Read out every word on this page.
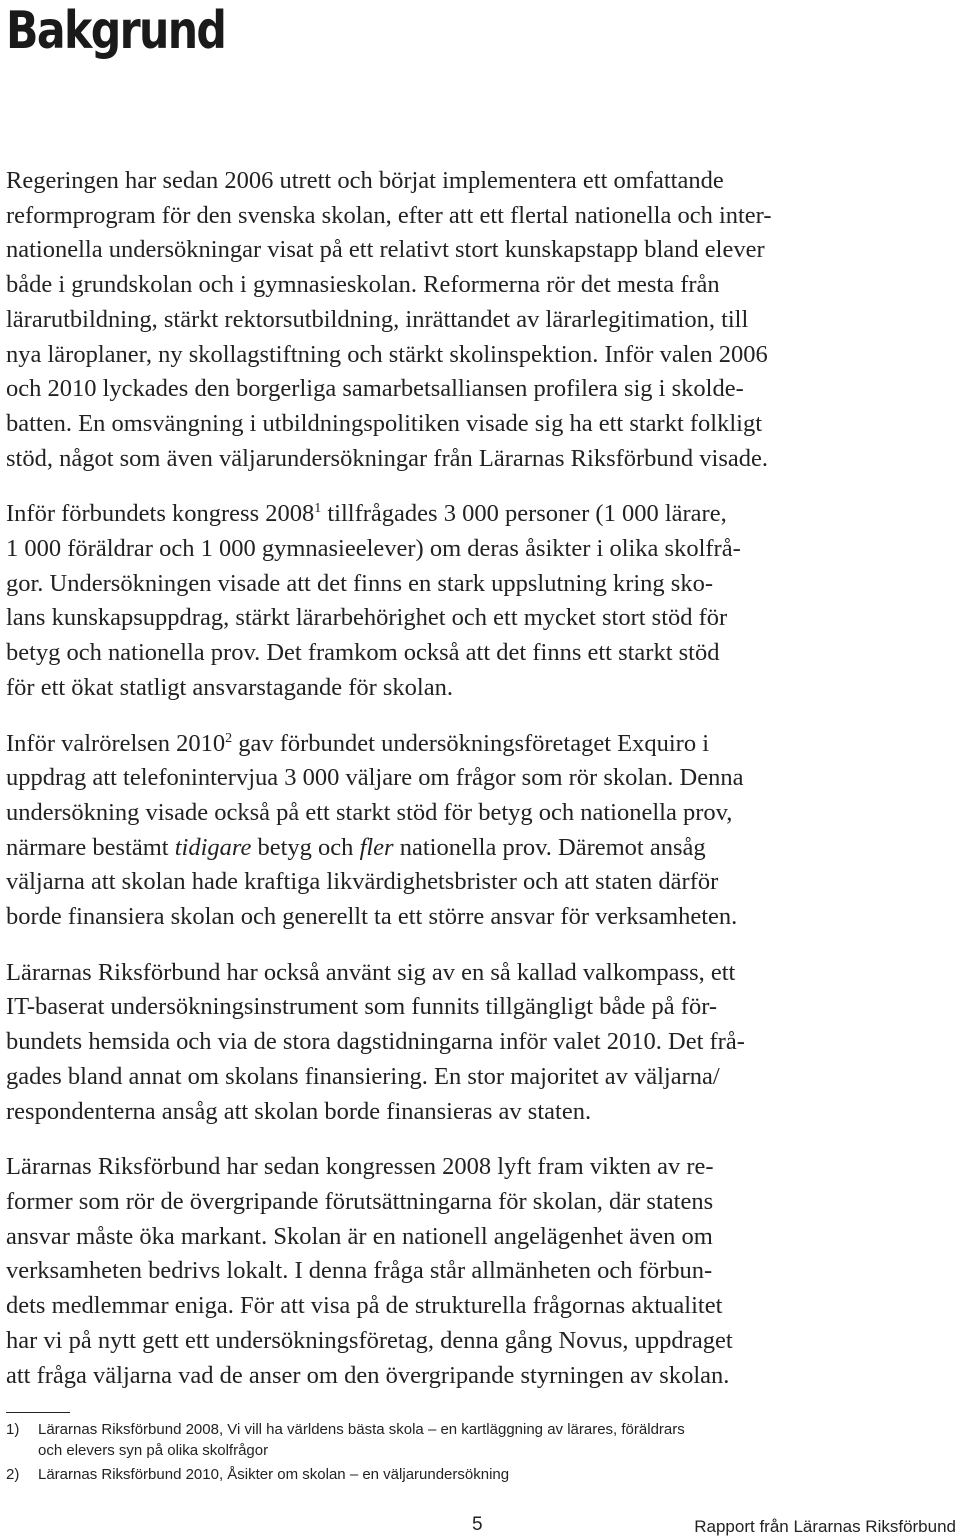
Bakgrund

Regeringen har sedan 2006 utrett och börjat implementera ett omfattande
reformprogram för den svenska skolan, efter att ett flertal nationella och inter-
nationella undersökningar visat på ett relativt stort kunskapstapp bland elever
både i grundskolan och i gymnasieskolan. Reformerna rör det mesta från
lärarutbildning, stärkt rektorsutbildning, inrättandet av lärarlegitimation, till
nya läroplaner, ny skollagstiftning och stärkt skolinspektion. Inför valen 2006
och 2010 lyckades den borgerliga samarbetsalliansen profilera sig i skolde-
batten. En omsvängning i utbildningspolitiken visade sig ha ett starkt folkligt
stöd, något som även väljarundersökningar från Lärarnas Riksförbund visade.

Inför förbundets kongress 2008$^1$ tillfrågades 3 000 personer (1 000 lärare,
1 000 föräldrar och 1 000 gymnasieelever) om deras åsikter i olika skolfrå-
gor. Undersökningen visade att det finns en stark uppslutning kring sko-
lans kunskapsuppdrag, stärkt lärarbehörighet och ett mycket stort stöd för
betyg och nationella prov. Det framkom också att det finns ett starkt stöd
för ett ökat statligt ansvarstagande för skolan.

Inför valrörelsen 2010$^2$ gav förbundet undersökningsföretaget Exquiro i
uppdrag att telefonintervjua 3 000 väljare om frågor som rör skolan. Denna
undersökning visade också på ett starkt stöd för betyg och nationella prov,
närmare bestämt tidigare betyg och fler nationella prov. Däremot ansåg
väljarna att skolan hade kraftiga likvärdighetsbrister och att staten därför
borde finansiera skolan och generellt ta ett större ansvar för verksamheten.

Lärarnas Riksförbund har också använt sig av en så kallad valkompass, ett
IT-baserat undersökningsinstrument som funnits tillgängligt både på för-
bundets hemsida och via de stora dagstidningarna inför valet 2010. Det frå-
gades bland annat om skolans finansiering. En stor majoritet av väljarna/
respondenterna ansåg att skolan borde finansieras av staten.

Lärarnas Riksförbund har sedan kongressen 2008 lyft fram vikten av re-
former som rör de övergripande förutsättningarna för skolan, där statens
ansvar måste öka markant. Skolan är en nationell angelägenhet även om
verksamheten bedrivs lokalt. I denna fråga står allmänheten och förbun-
dets medlemmar eniga. För att visa på de strukturella frågornas aktualitet
har vi på nytt gett ett undersökningsföretag, denna gång Novus, uppdraget
att fråga väljarna vad de anser om den övergripande styrningen av skolan.

1) Lärarnas Riksförbund 2008, Vi vill ha världens bästa skola – en kartläggning av lärares, föräldrars
och elevers syn på olika skolfrågor
2) Lärarnas Riksförbund 2010, Åsikter om skolan – en väljarundersökning
5	Rapport från Lärarnas Riksförbund
